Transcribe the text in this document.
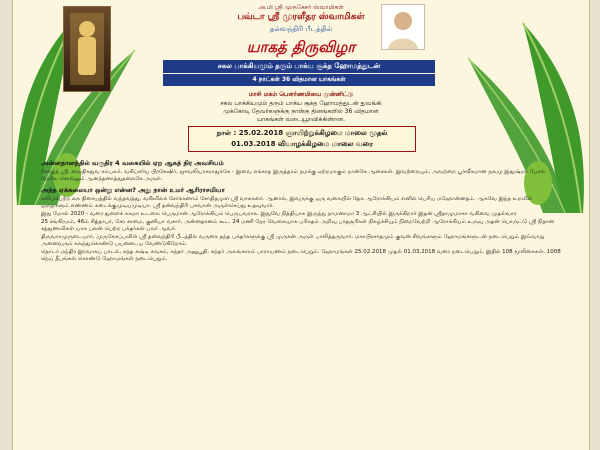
அ.மி ஸ்ரீ முருகேசர் ஸ்வாமிகள்
பவ்டா ஸ்ரீ முரளீதர ஸ்வாமிகள்
தன்வந்திரி பீடத்தில்
யாகத் திருவிழா
சகல பாக்கியமும் தரும் பாக்ய சூக்த ஹோமத்துடன்
4 நாட்கள் 36 விதமான யாகங்கள்
மாசி மகம் பௌர்ணமியை முன்னிட்டு
சகல பாக்கியமும் தரும் பாக்ய சூக்த ஹோமத்துடன் துவங்கி
முக்கோடி தேவர்களுக்கு நான்கு தினங்களில் 36 விதமான
யாகங்கள் வடையூறவிக்கின்றன.
நாள் : 25.02.2018 ஞாயிற்றுக்கிழமை மாலை முதல்
01.03.2018 வியாழக்கிழமை மாலை வரை
அன்னதானத்தில் வருதிர 4 வகையில் ஏற ஆகத் திர அவசியம்

சோழத் ஸ்ரீ, வைதிகதுவ சம்பலர், வகிப்ஸிய பிரசேஷிர், ஜுவலியாகராதுக்கே - இவை எக்காத இருத்தரம் நமக்கு ஏற்றமாகும் நான்கே ஆசைகள். இவற்றையும், அவற்றை பூர்வீகமான நலமு இதுஷ்மா போல் மேலே சொல்லும் ஆனந்தனாத்துதலைகே அருள்.

அந்த ஏக்கலையா ஒன்று என்ன? அது நான் உமர் ஆரிராசமியா

கலிப்பெற்ற லக திசையத்தில் வந்தவத்து, வகிவிலக் சேர்க்கனாம் சோதிதமுள ஸ்ரீ வாசுகளர். ஆனால், இவருக்கு ஒரு வகையில் தேக ஆரோக்கியம் எனில் பெரிய மஹோன்னதம். ஆகவே இந்த உறவில் ஒருநாளும் எண்ணம் கடைக்குமுடியமுடியா. ஸ்ரீ தன்வந்திரி பகவான் அருள்செய்து உதவுவார்.

இது மோல் 2020 - வரை துளைச் சுகமா உடலை பெருமான் ஆரோக்கியம் பெருபவராக. இதுவே நித்தியாக இருந்து நாமனாமா 3 ஆட்சியில் இருக்கிறார் இதன் ஸ்ரீதாமுமாகா வகிவை முதல்வார

25 ச்ங்கிரமம், 46ம் சித்தாபர், சேர சாமை, குனியா வசார், அன்னதானம் கூட. 24 மணி நேர வேலையாக பரிசுதம் அறிவு பாதசூரிகள் நிகழ்ச்சியும் நிறைவேற்றி ஆரோக்கியம் உருவு அதன் பொருட்டு ஸ்ரீ நிதான சத்துணவிகள் யாக பலன் பெற்ற பக்தர்கள் பலர் ஆவர்.

திருவாரமுருடையார், முருகேசப்பவிள் ஸ்ரீ தன்வந்திரி பீடத்தில் வருகை தந்த பக்தர்களுக்கு ஸ்ரீ முருகன் அருள் பாலித்தருவார். மகாபிரசாதமும் குவன் சிவங்களும் ஹோமங்களுடன் நடைபெறும் இவ்வாறு அனைவரும் கலந்துகொண்டு பயனடைய வேண்டுகிறோம்.

தொடர் மந்திர இரவாகப் பாடல், கந்த சஷ்டி கவசம், கந்தர் அனுபூதி, கந்தர் அலங்காரம் பாராயணம் நடைபெறும். ஹோமங்கள் 25.02.2018 முதல் 01.03.2018 வரை நடைபெறும். இதில் 108 மூலிகைகள், 1008 நெய் தீபங்கள் கொண்டு ஹோமங்கள் நடைபெறும்.
